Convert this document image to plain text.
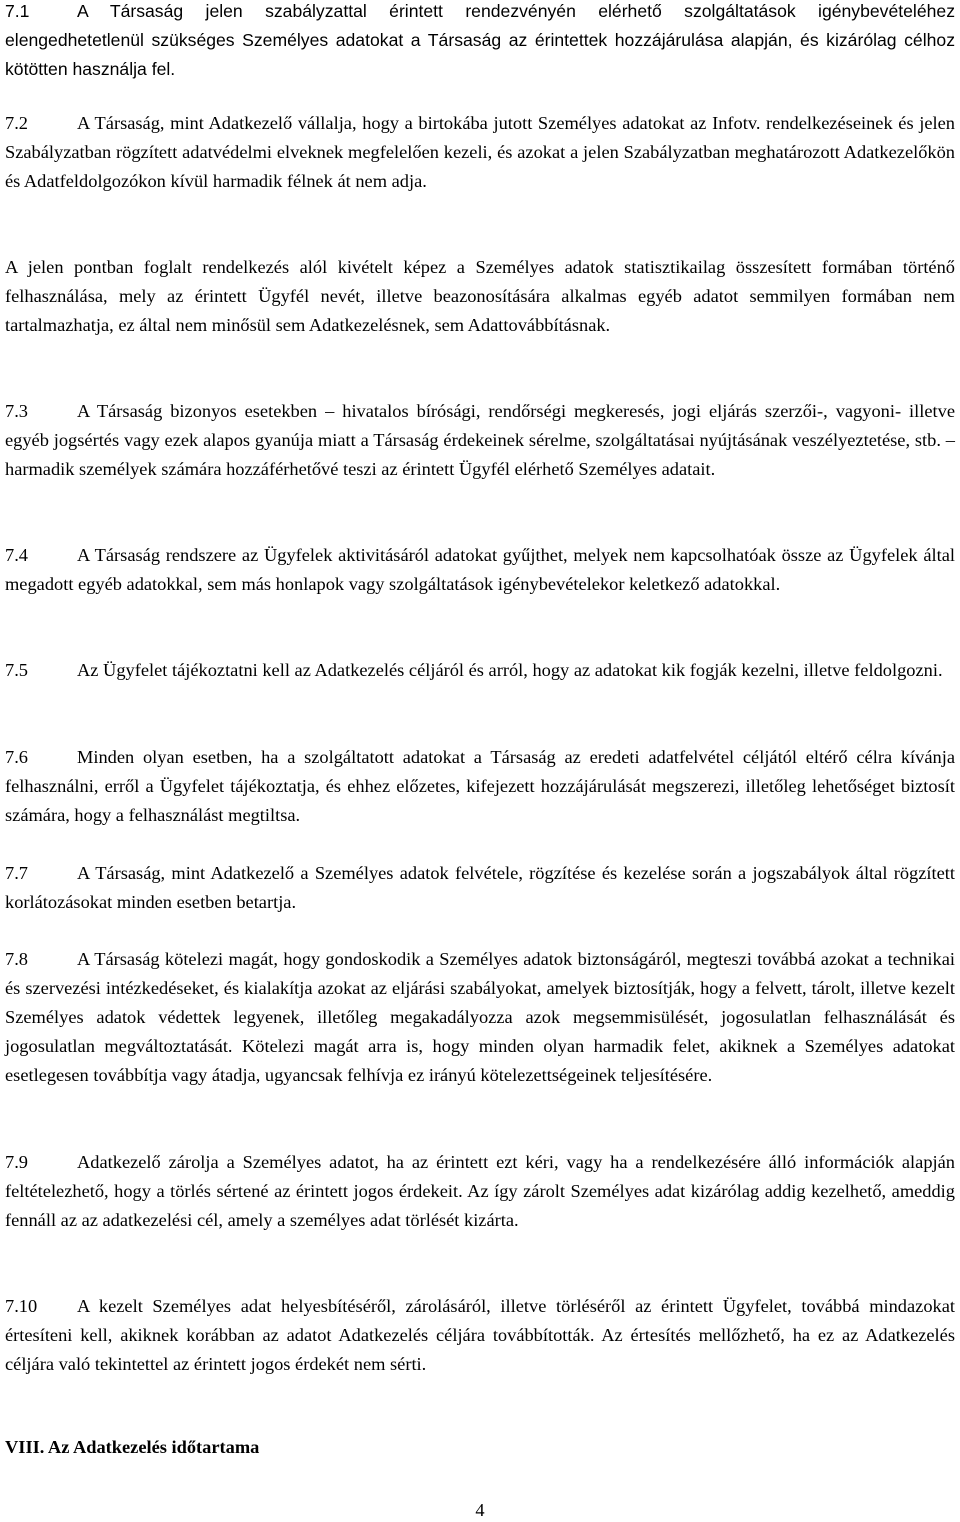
7.1	A Társaság jelen szabályzattal érintett rendezvényén elérhető szolgáltatások igénybevételéhez elengedhetetlenül szükséges Személyes adatokat a Társaság az érintettek hozzájárulása alapján, és kizárólag célhoz kötötten használja fel.

7.2	A Társaság, mint Adatkezelő vállalja, hogy a birtokába jutott Személyes adatokat az Infotv. rendelkezéseinek és jelen Szabályzatban rögzített adatvédelmi elveknek megfelelően kezeli, és azokat a jelen Szabályzatban meghatározott Adatkezelőkön és Adatfeldolgozókon kívül harmadik félnek át nem adja.

A jelen pontban foglalt rendelkezés alól kivételt képez a Személyes adatok statisztikailag összesített formában történő felhasználása, mely az érintett Ügyfél nevét, illetve beazonosítására alkalmas egyéb adatot semmilyen formában nem tartalmazhatja, ez által nem minősül sem Adatkezelésnek, sem Adattovábbításnak.

7.3	A Társaság bizonyos esetekben – hivatalos bírósági, rendőrségi megkeresés, jogi eljárás szerzői-, vagyoni- illetve egyéb jogsértés vagy ezek alapos gyanúja miatt a Társaság érdekeinek sérelme, szolgáltatásai nyújtásának veszélyeztetése, stb. – harmadik személyek számára hozzáférhetővé teszi az érintett Ügyfél elérhető Személyes adatait.

7.4	A Társaság rendszere az Ügyfelek aktivitásáról adatokat gyűjthet, melyek nem kapcsolhatóak össze az Ügyfelek által megadott egyéb adatokkal, sem más honlapok vagy szolgáltatások igénybevételekor keletkező adatokkal.

7.5	Az Ügyfelet tájékoztatni kell az Adatkezelés céljáról és arról, hogy az adatokat kik fogják kezelni, illetve feldolgozni.

7.6	Minden olyan esetben, ha a szolgáltatott adatokat a Társaság az eredeti adatfelvétel céljától eltérő célra kívánja felhasználni, erről a Ügyfelet tájékoztatja, és ehhez előzetes, kifejezett hozzájárulását megszerezi, illetőleg lehetőséget biztosít számára, hogy a felhasználást megtiltsa.

7.7	A Társaság, mint Adatkezelő a Személyes adatok felvétele, rögzítése és kezelése során a jogszabályok által rögzített korlátozásokat minden esetben betartja.

7.8	A Társaság kötelezi magát, hogy gondoskodik a Személyes adatok biztonságáról, megteszi továbbá azokat a technikai és szervezési intézkedéseket, és kialakítja azokat az eljárási szabályokat, amelyek biztosítják, hogy a felvett, tárolt, illetve kezelt Személyes adatok védettek legyenek, illetőleg megakadályozza azok megsemmisülését, jogosulatlan felhasználását és jogosulatlan megváltoztatását. Kötelezi magát arra is, hogy minden olyan harmadik felet, akiknek a Személyes adatokat esetlegesen továbbítja vagy átadja, ugyancsak felhívja ez irányú kötelezettségeinek teljesítésére.

7.9	Adatkezelő zárolja a Személyes adatot, ha az érintett ezt kéri, vagy ha a rendelkezésére álló információk alapján feltételezhető, hogy a törlés sértené az érintett jogos érdekeit. Az így zárolt Személyes adat kizárólag addig kezelhető, ameddig fennáll az az adatkezelési cél, amely a személyes adat törlését kizárta.

7.10 A kezelt Személyes adat helyesbítéséről, zárolásáról, illetve törléséről az érintett Ügyfelet, továbbá mindazokat értesíteni kell, akiknek korábban az adatot Adatkezelés céljára továbbították. Az értesítés mellőzhető, ha ez az Adatkezelés céljára való tekintettel az érintett jogos érdekét nem sérti.

VIII. Az Adatkezelés időtartama

4
